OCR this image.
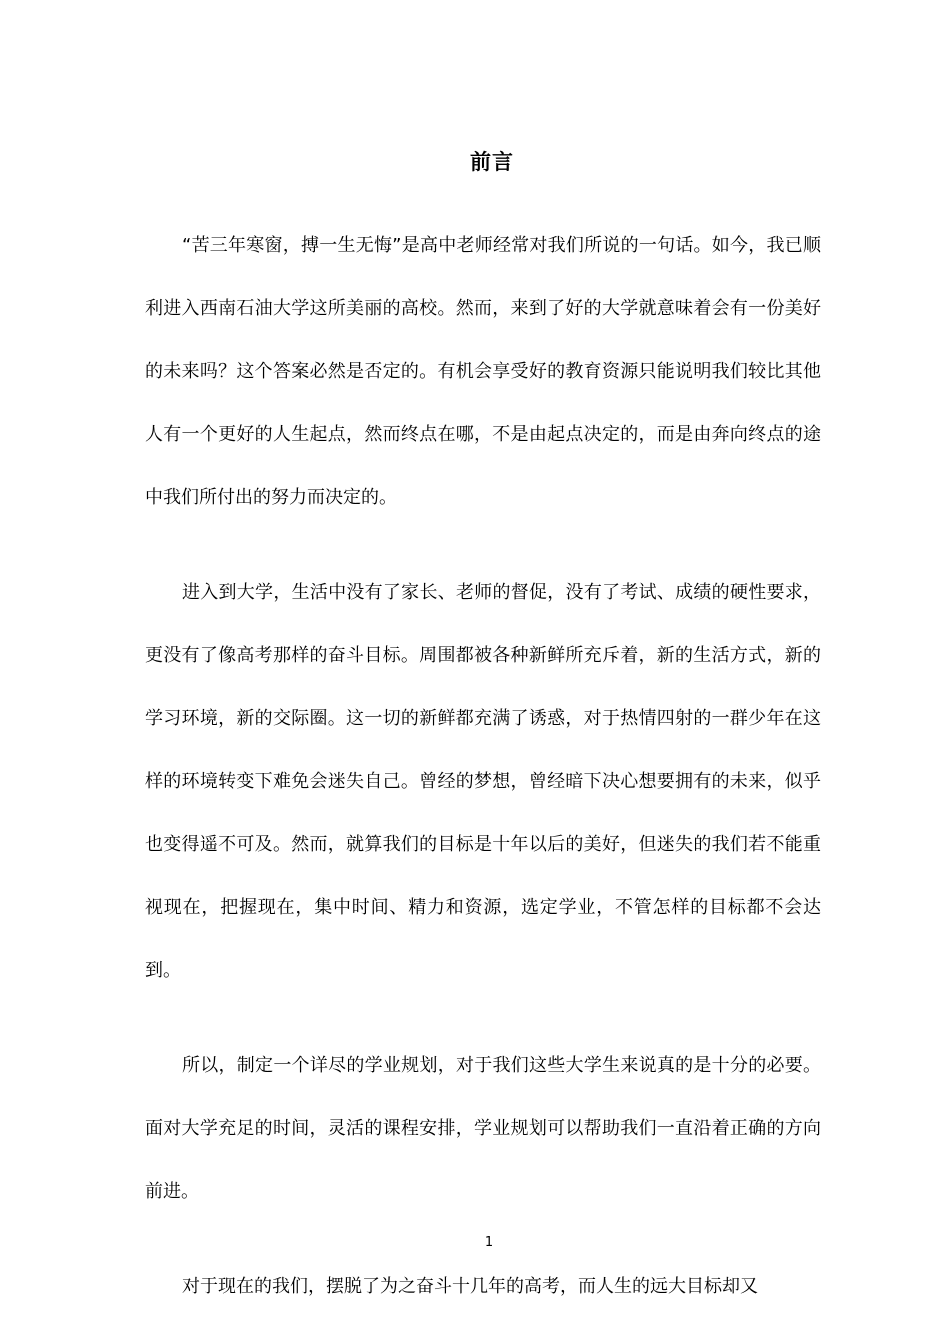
前言

“苦三年寒窗，搏一生无悔”是高中老师经常对我们所说的一句话。如今，我已顺利进入西南石油大学这所美丽的高校。然而，来到了好的大学就意味着会有一份美好的未来吗？这个答案必然是否定的。有机会享受好的教育资源只能说明我们较比其他人有一个更好的人生起点，然而终点在哪，不是由起点决定的，而是由奔向终点的途中我们所付出的努力而决定的。

进入到大学，生活中没有了家长、老师的督促，没有了考试、成绩的硬性要求，更没有了像高考那样的奋斗目标。周围都被各种新鲜所充斥着，新的生活方式，新的学习环境，新的交际圈。这一切的新鲜都充满了诱惑，对于热情四射的一群少年在这样的环境转变下难免会迷失自己。曾经的梦想，曾经暗下决心想要拥有的未来，似乎也变得遥不可及。然而，就算我们的目标是十年以后的美好，但迷失的我们若不能重视现在，把握现在，集中时间、精力和资源，选定学业，不管怎样的目标都不会达到。

所以，制定一个详尽的学业规划，对于我们这些大学生来说真的是十分的必要。面对大学充足的时间，灵活的课程安排，学业规划可以帮助我们一直沿着正确的方向前进。

对于现在的我们，摆脱了为之奋斗十几年的高考，而人生的远大目标却又

1
